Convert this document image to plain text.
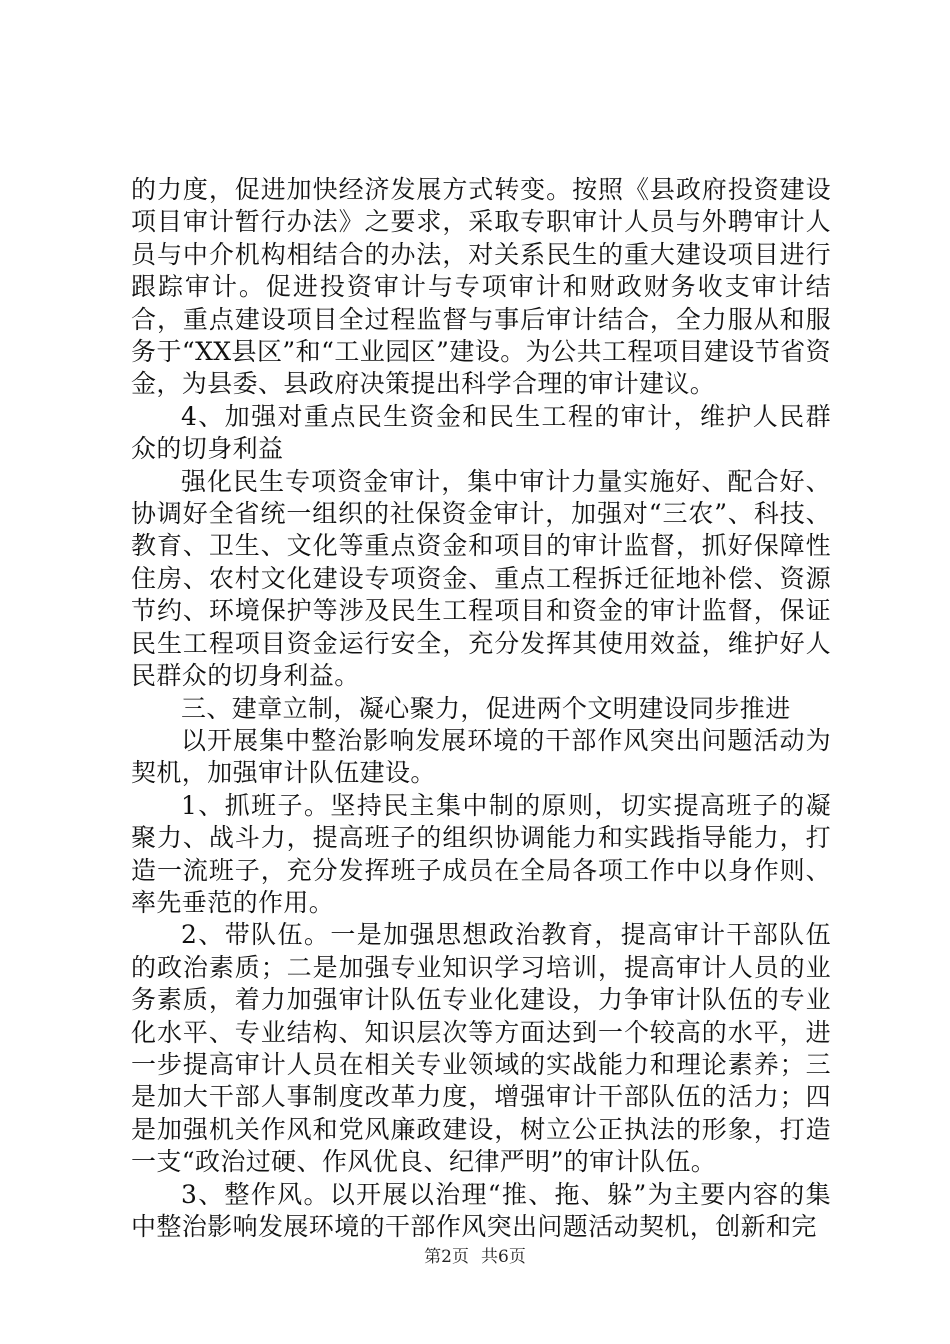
的力度，促进加快经济发展方式转变。按照《县政府投资建设项目审计暂行办法》之要求，采取专职审计人员与外聘审计人员与中介机构相结合的办法，对关系民生的重大建设项目进行跟踪审计。促进投资审计与专项审计和财政财务收支审计结合，重点建设项目全过程监督与事后审计结合，全力服从和服务于“XX县区”和“工业园区”建设。为公共工程项目建设节省资金，为县委、县政府决策提出科学合理的审计建议。

4、加强对重点民生资金和民生工程的审计，维护人民群众的切身利益

强化民生专项资金审计，集中审计力量实施好、配合好、协调好全省统一组织的社保资金审计，加强对“三农”、科技、教育、卫生、文化等重点资金和项目的审计监督，抓好保障性住房、农村文化建设专项资金、重点工程拆迁征地补偿、资源节约、环境保护等涉及民生工程项目和资金的审计监督，保证民生工程项目资金运行安全，充分发挥其使用效益，维护好人民群众的切身利益。

三、建章立制，凝心聚力，促进两个文明建设同步推进

以开展集中整治影响发展环境的干部作风突出问题活动为契机，加强审计队伍建设。

1、抓班子。坚持民主集中制的原则，切实提高班子的凝聚力、战斗力，提高班子的组织协调能力和实践指导能力，打造一流班子，充分发挥班子成员在全局各项工作中以身作则、率先垂范的作用。

2、带队伍。一是加强思想政治教育，提高审计干部队伍的政治素质；二是加强专业知识学习培训，提高审计人员的业务素质，着力加强审计队伍专业化建设，力争审计队伍的专业化水平、专业结构、知识层次等方面达到一个较高的水平，进一步提高审计人员在相关专业领域的实战能力和理论素养；三是加大干部人事制度改革力度，增强审计干部队伍的活力；四是加强机关作风和党风廉政建设，树立公正执法的形象，打造一支“政治过硬、作风优良、纪律严明”的审计队伍。

3、整作风。以开展以治理“推、拖、躲”为主要内容的集中整治影响发展环境的干部作风突出问题活动契机，创新和完

第2页 共6页
